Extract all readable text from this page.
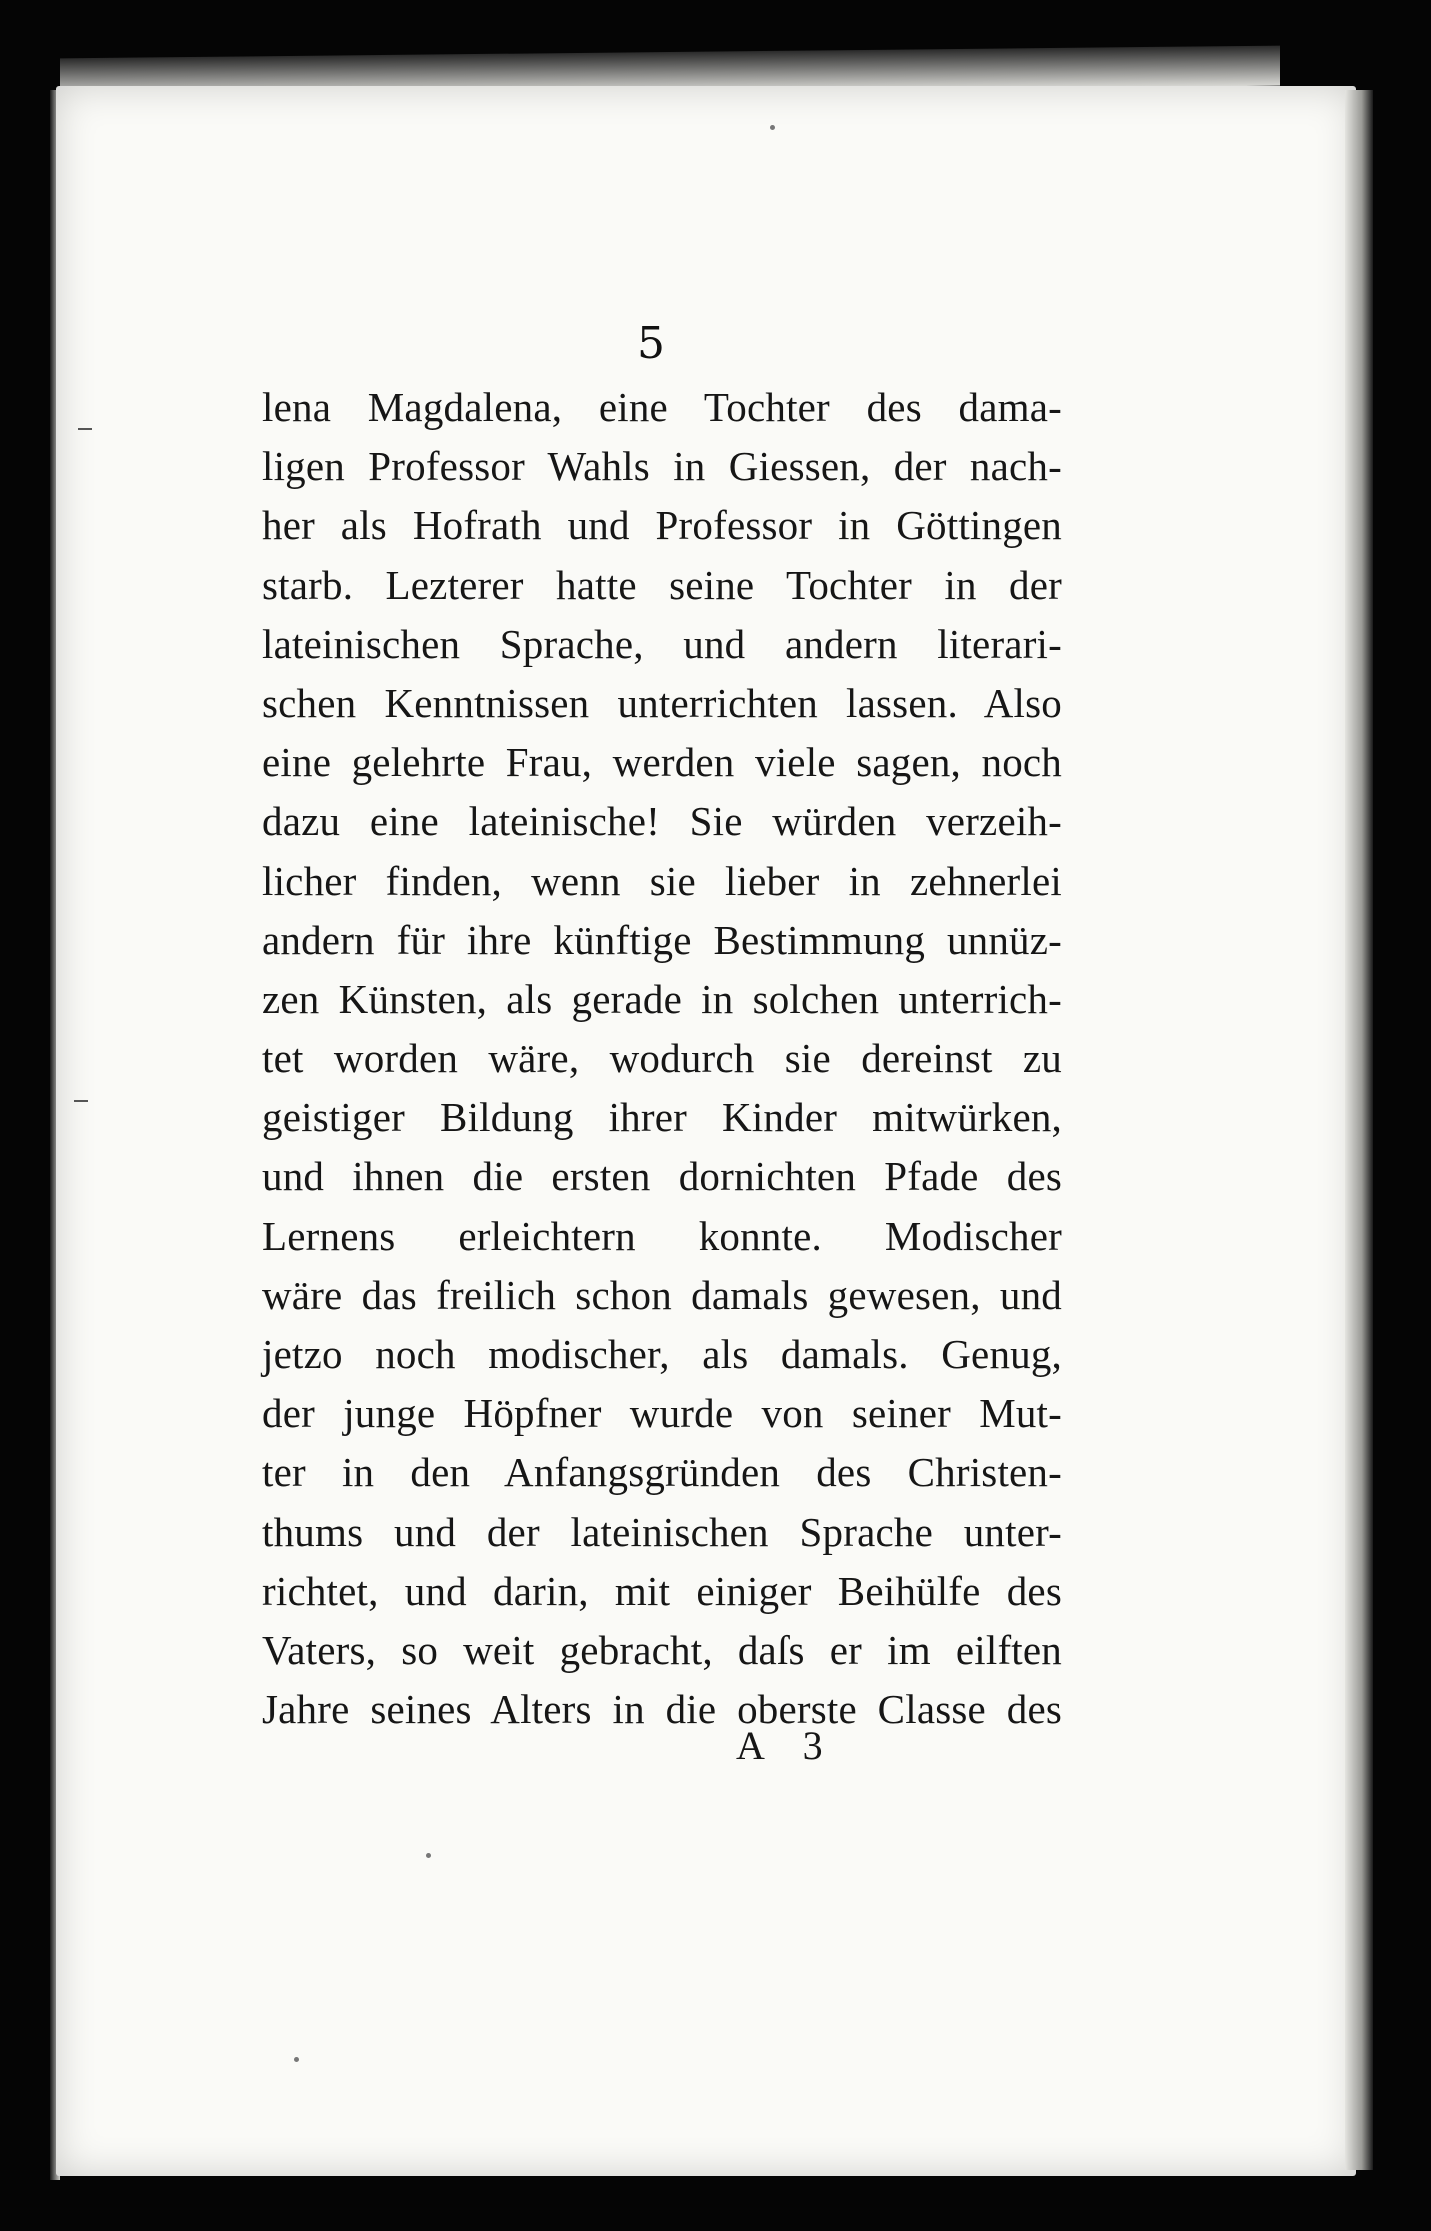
5

lena Magdalena, eine Tochter des dama-
ligen Professor Wahls in Giessen, der nach-
her als Hofrath und Professor in Göttingen
starb. Lezterer hatte seine Tochter in der
lateinischen Sprache, und andern literari-
schen Kenntnissen unterrichten lassen. Also
eine gelehrte Frau, werden viele sagen, noch
dazu eine lateinische! Sie würden verzeih-
licher finden, wenn sie lieber in zehnerlei
andern für ihre künftige Bestimmung unnüz-
zen Künsten, als gerade in solchen unterrich-
tet worden wäre, wodurch sie dereinst zu
geistiger Bildung ihrer Kinder mitwürken,
und ihnen die ersten dornichten Pfade des
Lernens erleichtern konnte. Modischer
wäre das freilich schon damals gewesen, und
jetzo noch modischer, als damals. Genug,
der junge Höpfner wurde von seiner Mut-
ter in den Anfangsgründen des Christen-
thums und der lateinischen Sprache unter-
richtet, und darin, mit einiger Beihülfe des
Vaters, so weit gebracht, daſs er im eilften
Jahre seines Alters in die oberste Classe des
A 3
